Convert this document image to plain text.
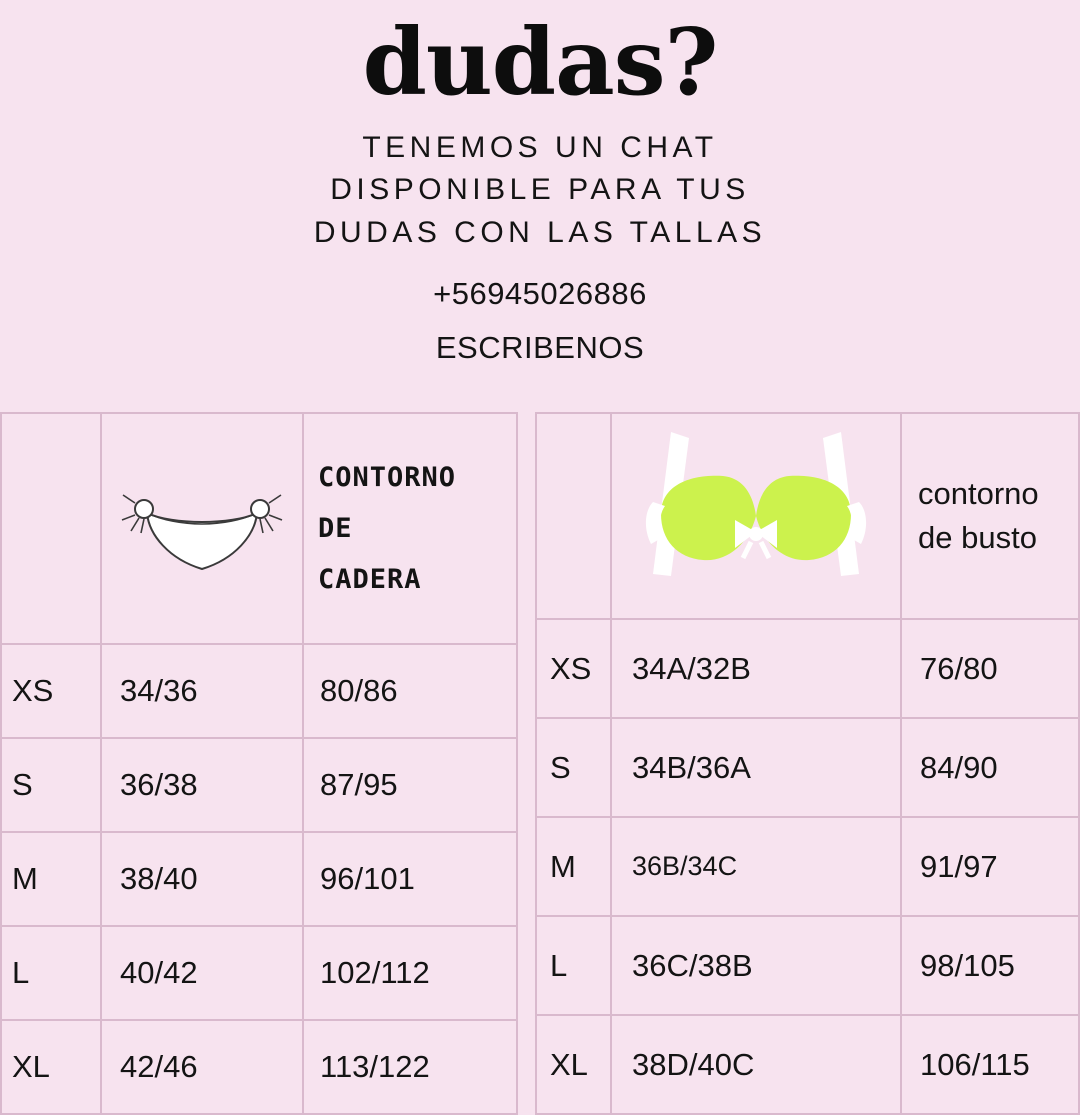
dudas?
TENEMOS UN CHAT
DISPONIBLE PARA TUS
DUDAS CON LAS TALLAS
+56945026886
ESCRIBENOS

CONTORNO
DE
CADERA

XS	34/36	80/86
S	36/38	87/95
M	38/40	96/101
L	40/42	102/112
XL	42/46	113/122

	contorno de busto
XS	34A/32B	76/80
S	34B/36A	84/90
M	36B/34C	91/97
L	36C/38B	98/105
XL	38D/40C	106/115
